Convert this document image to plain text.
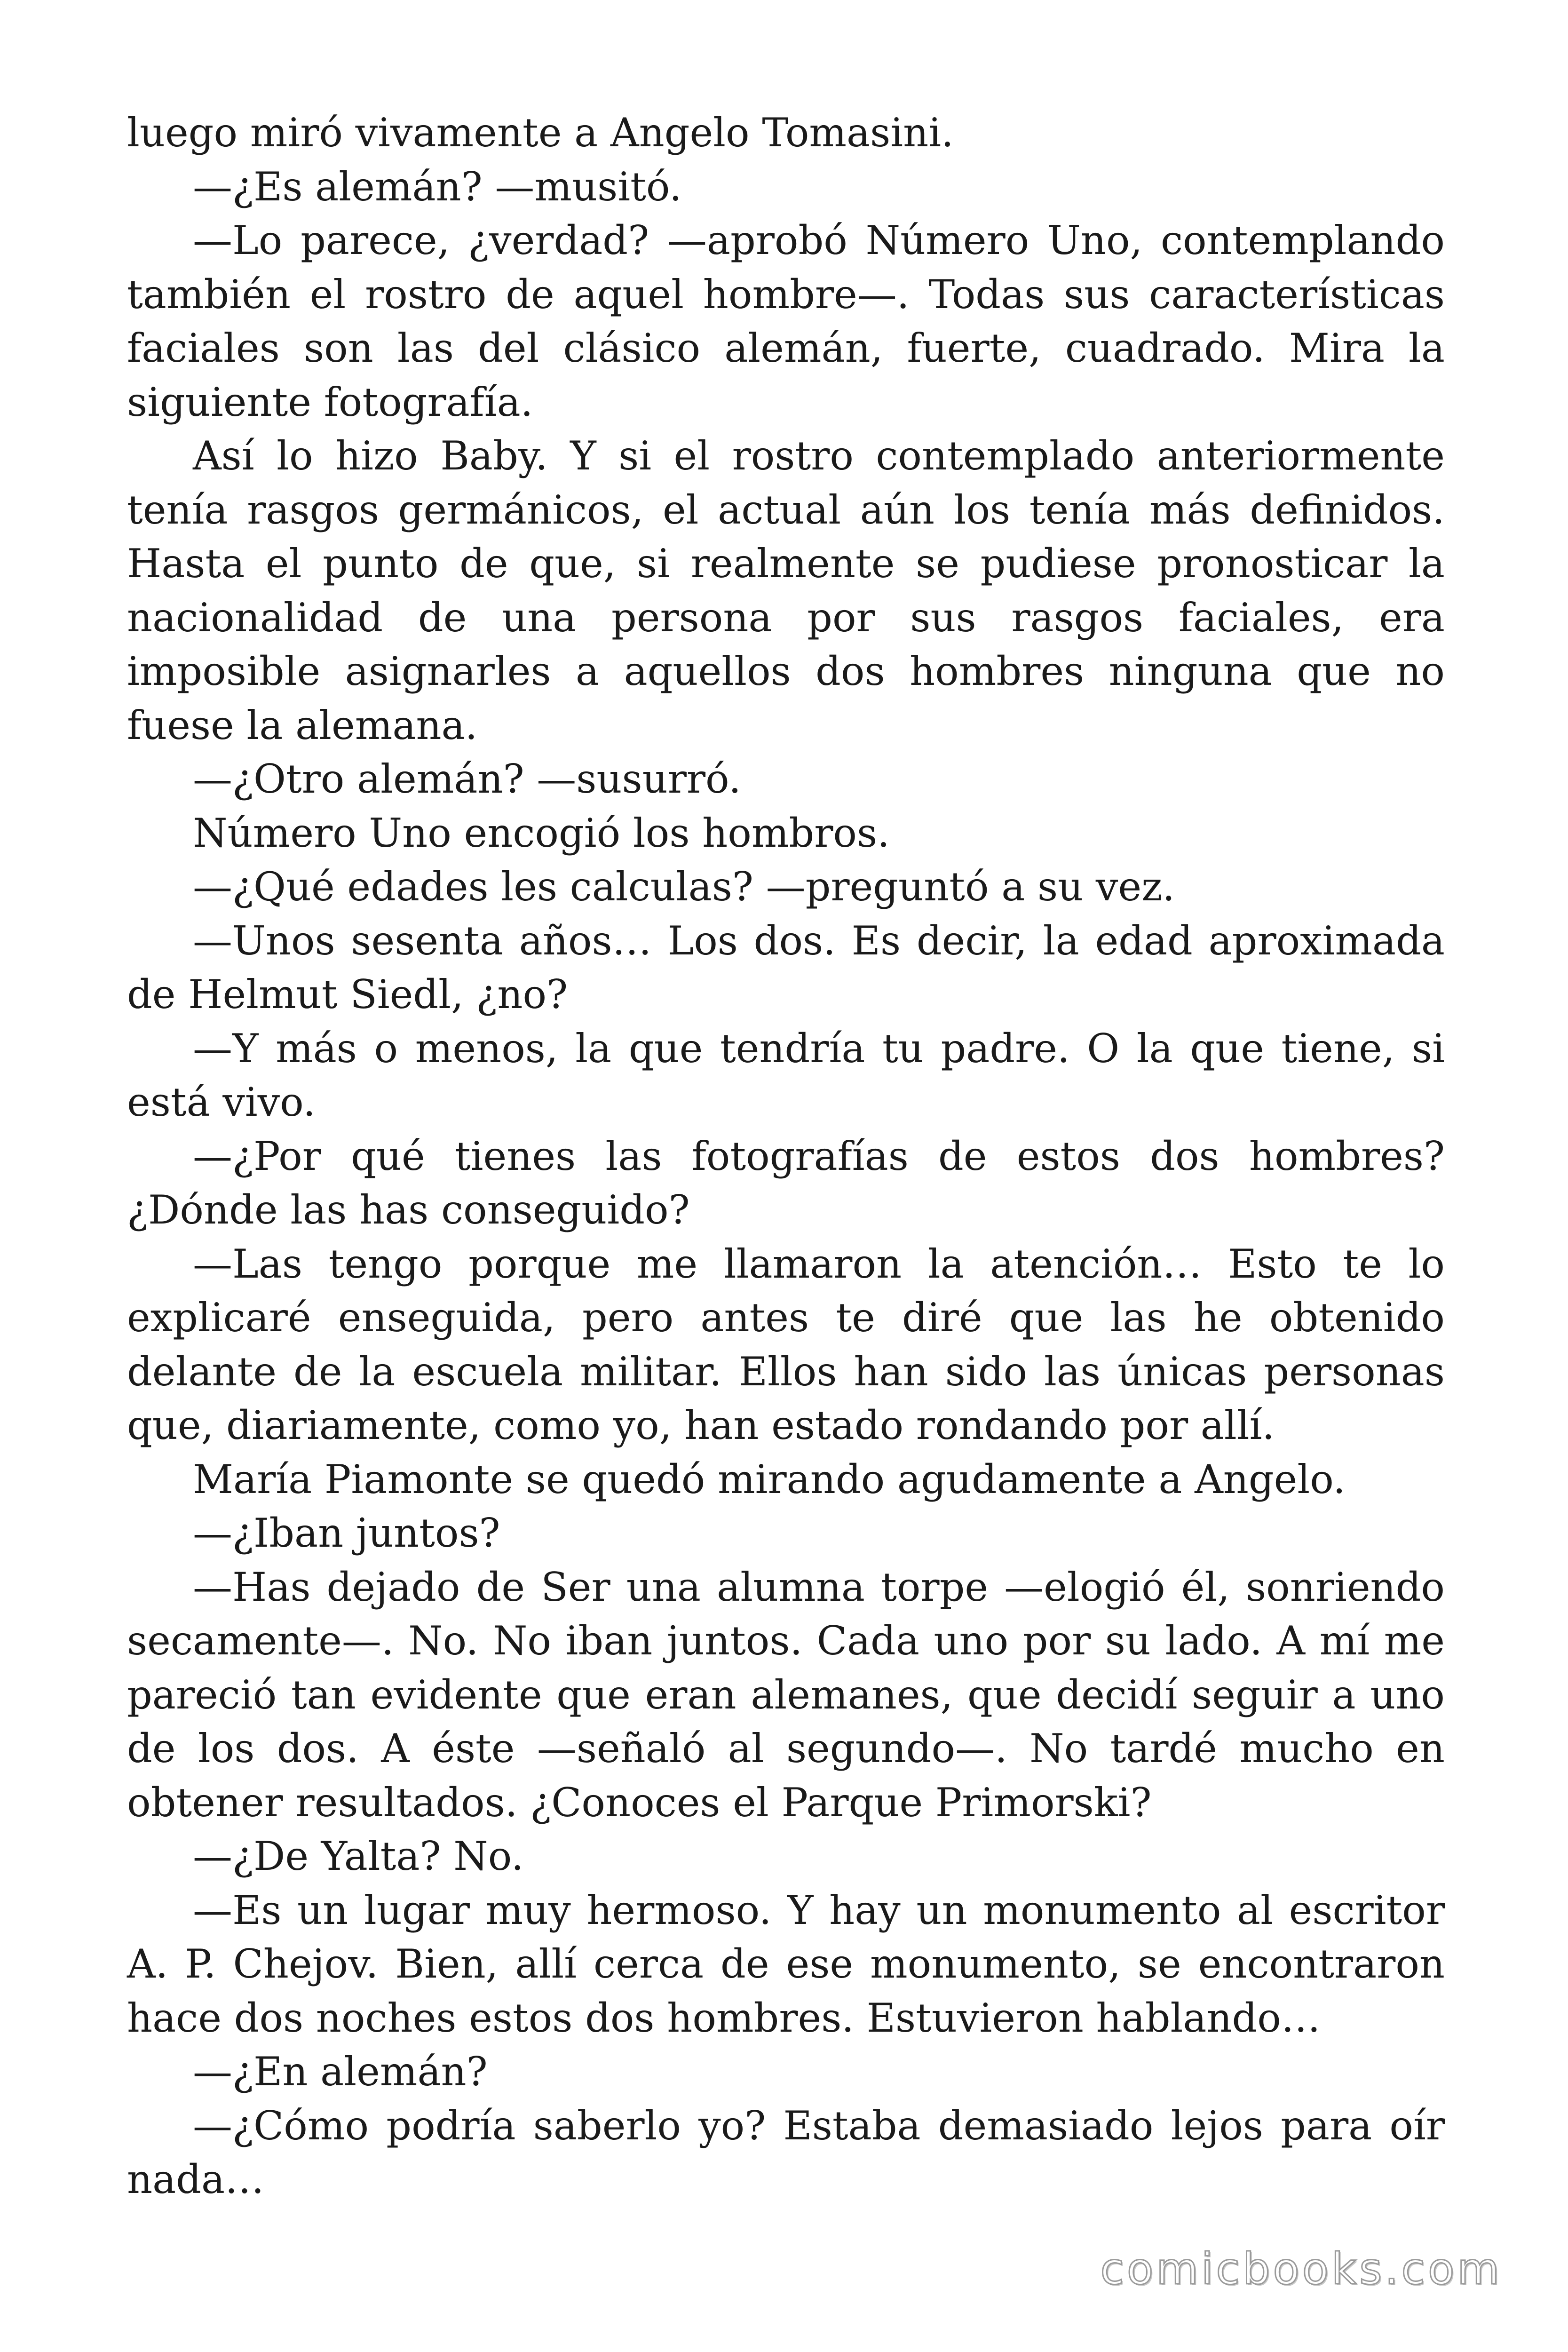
luego miró vivamente a Angelo Tomasini.

—¿Es alemán? —musitó.

—Lo parece, ¿verdad? —aprobó Número Uno, contemplando también el rostro de aquel hombre—. Todas sus características faciales son las del clásico alemán, fuerte, cuadrado. Mira la siguiente fotografía.

Así lo hizo Baby. Y si el rostro contemplado anteriormente tenía rasgos germánicos, el actual aún los tenía más definidos. Hasta el punto de que, si realmente se pudiese pronosticar la nacionalidad de una persona por sus rasgos faciales, era imposible asignarles a aquellos dos hombres ninguna que no fuese la alemana.

—¿Otro alemán? —susurró.

Número Uno encogió los hombros.

—¿Qué edades les calculas? —preguntó a su vez.

—Unos sesenta años… Los dos. Es decir, la edad aproximada de Helmut Siedl, ¿no?

—Y más o menos, la que tendría tu padre. O la que tiene, si está vivo.

—¿Por qué tienes las fotografías de estos dos hombres? ¿Dónde las has conseguido?

—Las tengo porque me llamaron la atención… Esto te lo explicaré enseguida, pero antes te diré que las he obtenido delante de la escuela militar. Ellos han sido las únicas personas que, diariamente, como yo, han estado rondando por allí.

María Piamonte se quedó mirando agudamente a Angelo.

—¿Iban juntos?

—Has dejado de Ser una alumna torpe —elogió él, sonriendo secamente—. No. No iban juntos. Cada uno por su lado. A mí me pareció tan evidente que eran alemanes, que decidí seguir a uno de los dos. A éste —señaló al segundo—. No tardé mucho en obtener resultados. ¿Conoces el Parque Primorski?

—¿De Yalta? No.

—Es un lugar muy hermoso. Y hay un monumento al escritor A. P. Chejov. Bien, allí cerca de ese monumento, se encontraron hace dos noches estos dos hombres. Estuvieron hablando…

—¿En alemán?

—¿Cómo podría saberlo yo? Estaba demasiado lejos para oír nada…

comicbooks.com
